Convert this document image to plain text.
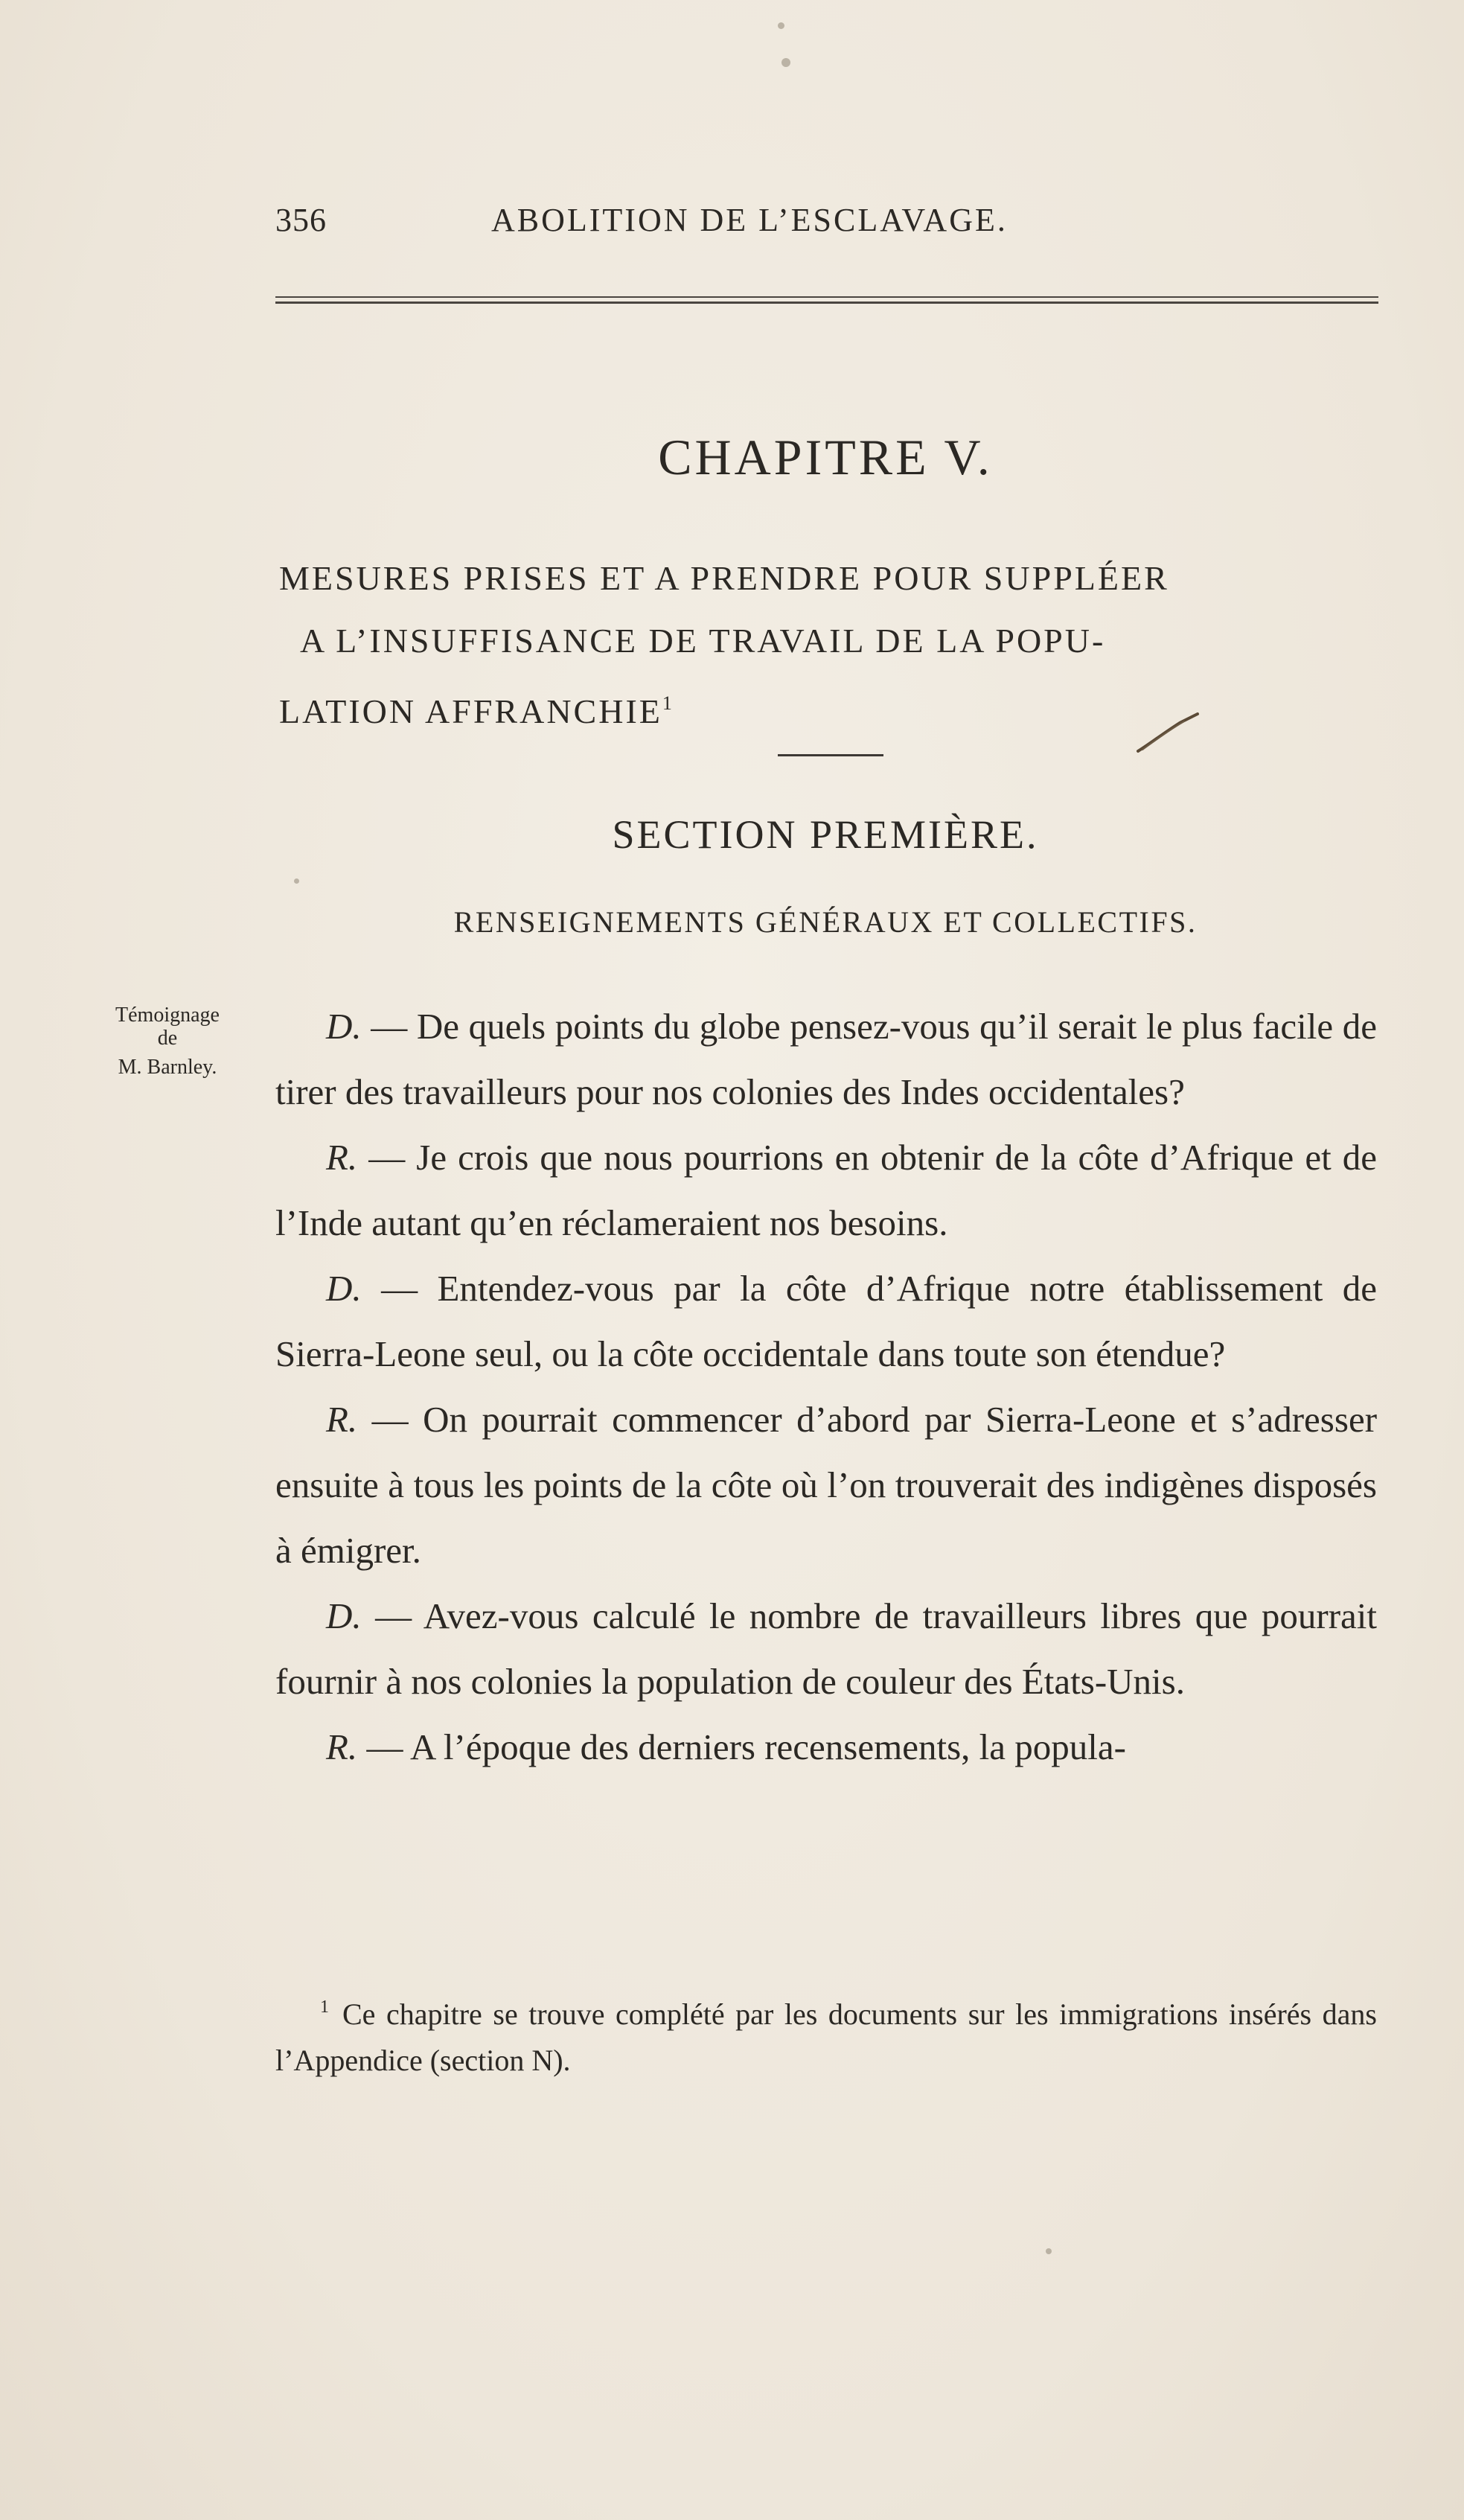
356	ABOLITION DE L’ESCLAVAGE.
CHAPITRE V.
MESURES PRISES ET A PRENDRE POUR SUPPLÉER
A L’INSUFFISANCE DE TRAVAIL DE LA POPU-
LATION AFFRANCHIE$^1$
SECTION PREMIÈRE.
RENSEIGNEMENTS GÉNÉRAUX ET COLLECTIFS.
Témoignage
de
M. Barnley.

D. — De quels points du globe pensez-vous qu’il serait le plus facile de tirer des travailleurs pour nos colonies des Indes occidentales?

R. — Je crois que nous pourrions en obtenir de la côte d’Afrique et de l’Inde autant qu’en réclameraient nos besoins.

D. — Entendez-vous par la côte d’Afrique notre établissement de Sierra-Leone seul, ou la côte occidentale dans toute son étendue?

R. — On pourrait commencer d’abord par Sierra-Leone et s’adresser ensuite à tous les points de la côte où l’on trouverait des indigènes disposés à émigrer.

D. — Avez-vous calculé le nombre de travailleurs libres que pourrait fournir à nos colonies la population de couleur des États-Unis.

R. — A l’époque des derniers recensements, la popula-

$^1$ Ce chapitre se trouve complété par les documents sur les immigrations insérés dans l’Appendice (section N).
